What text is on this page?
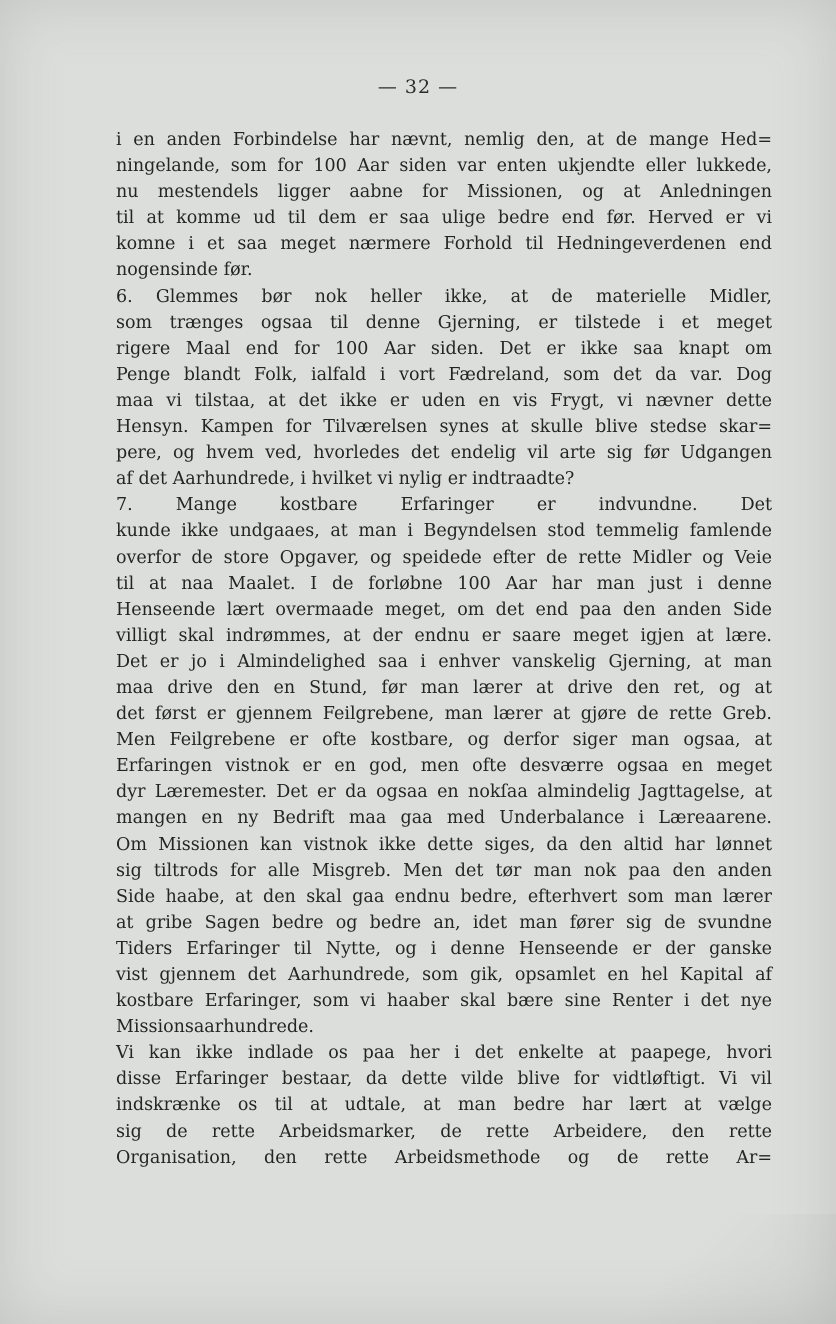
— 32 —
i en anden Forbindelse har nævnt, nemlig den, at de mange Hed=
ningelande, som for 100 Aar siden var enten ukjendte eller lukkede,
nu mestendels ligger aabne for Missionen, og at Anledningen
til at komme ud til dem er saa ulige bedre end før. Herved er vi
komne i et saa meget nærmere Forhold til Hedningeverdenen end
nogensinde før.
6. Glemmes bør nok heller ikke, at de materielle Midler,
som trænges ogsaa til denne Gjerning, er tilstede i et meget
rigere Maal end for 100 Aar siden. Det er ikke saa knapt om
Penge blandt Folk, ialfald i vort Fædreland, som det da var. Dog
maa vi tilstaa, at det ikke er uden en vis Frygt, vi nævner dette
Hensyn. Kampen for Tilværelsen synes at skulle blive stedse skar=
pere, og hvem ved, hvorledes det endelig vil arte sig før Udgangen
af det Aarhundrede, i hvilket vi nylig er indtraadte?
7. Mange kostbare Erfaringer er indvundne. Det
kunde ikke undgaaes, at man i Begyndelsen stod temmelig famlende
overfor de store Opgaver, og speidede efter de rette Midler og Veie
til at naa Maalet. I de forløbne 100 Aar har man just i denne
Henseende lært overmaade meget, om det end paa den anden Side
villigt skal indrømmes, at der endnu er saare meget igjen at lære.
Det er jo i Almindelighed saa i enhver vanskelig Gjerning, at man
maa drive den en Stund, før man lærer at drive den ret, og at
det først er gjennem Feilgrebene, man lærer at gjøre de rette Greb.
Men Feilgrebene er ofte kostbare, og derfor siger man ogsaa, at
Erfaringen vistnok er en god, men ofte desværre ogsaa en meget
dyr Læremester. Det er da ogsaa en nokſaa almindelig Jagttagelse, at
mangen en ny Bedrift maa gaa med Underbalance i Læreaarene.
Om Missionen kan vistnok ikke dette siges, da den altid har lønnet
sig tiltrods for alle Misgreb. Men det tør man nok paa den anden
Side haabe, at den skal gaa endnu bedre, efterhvert som man lærer
at gribe Sagen bedre og bedre an, idet man fører sig de svundne
Tiders Erfaringer til Nytte, og i denne Henseende er der ganske
vist gjennem det Aarhundrede, som gik, opsamlet en hel Kapital af
kostbare Erfaringer, som vi haaber skal bære sine Renter i det nye
Missionsaarhundrede.
Vi kan ikke indlade os paa her i det enkelte at paapege, hvori
disse Erfaringer bestaar, da dette vilde blive for vidtløftigt. Vi vil
indskrænke os til at udtale, at man bedre har lært at vælge
sig de rette Arbeidsmarker, de rette Arbeidere, den rette
Organisation, den rette Arbeidsmethode og de rette Ar=
